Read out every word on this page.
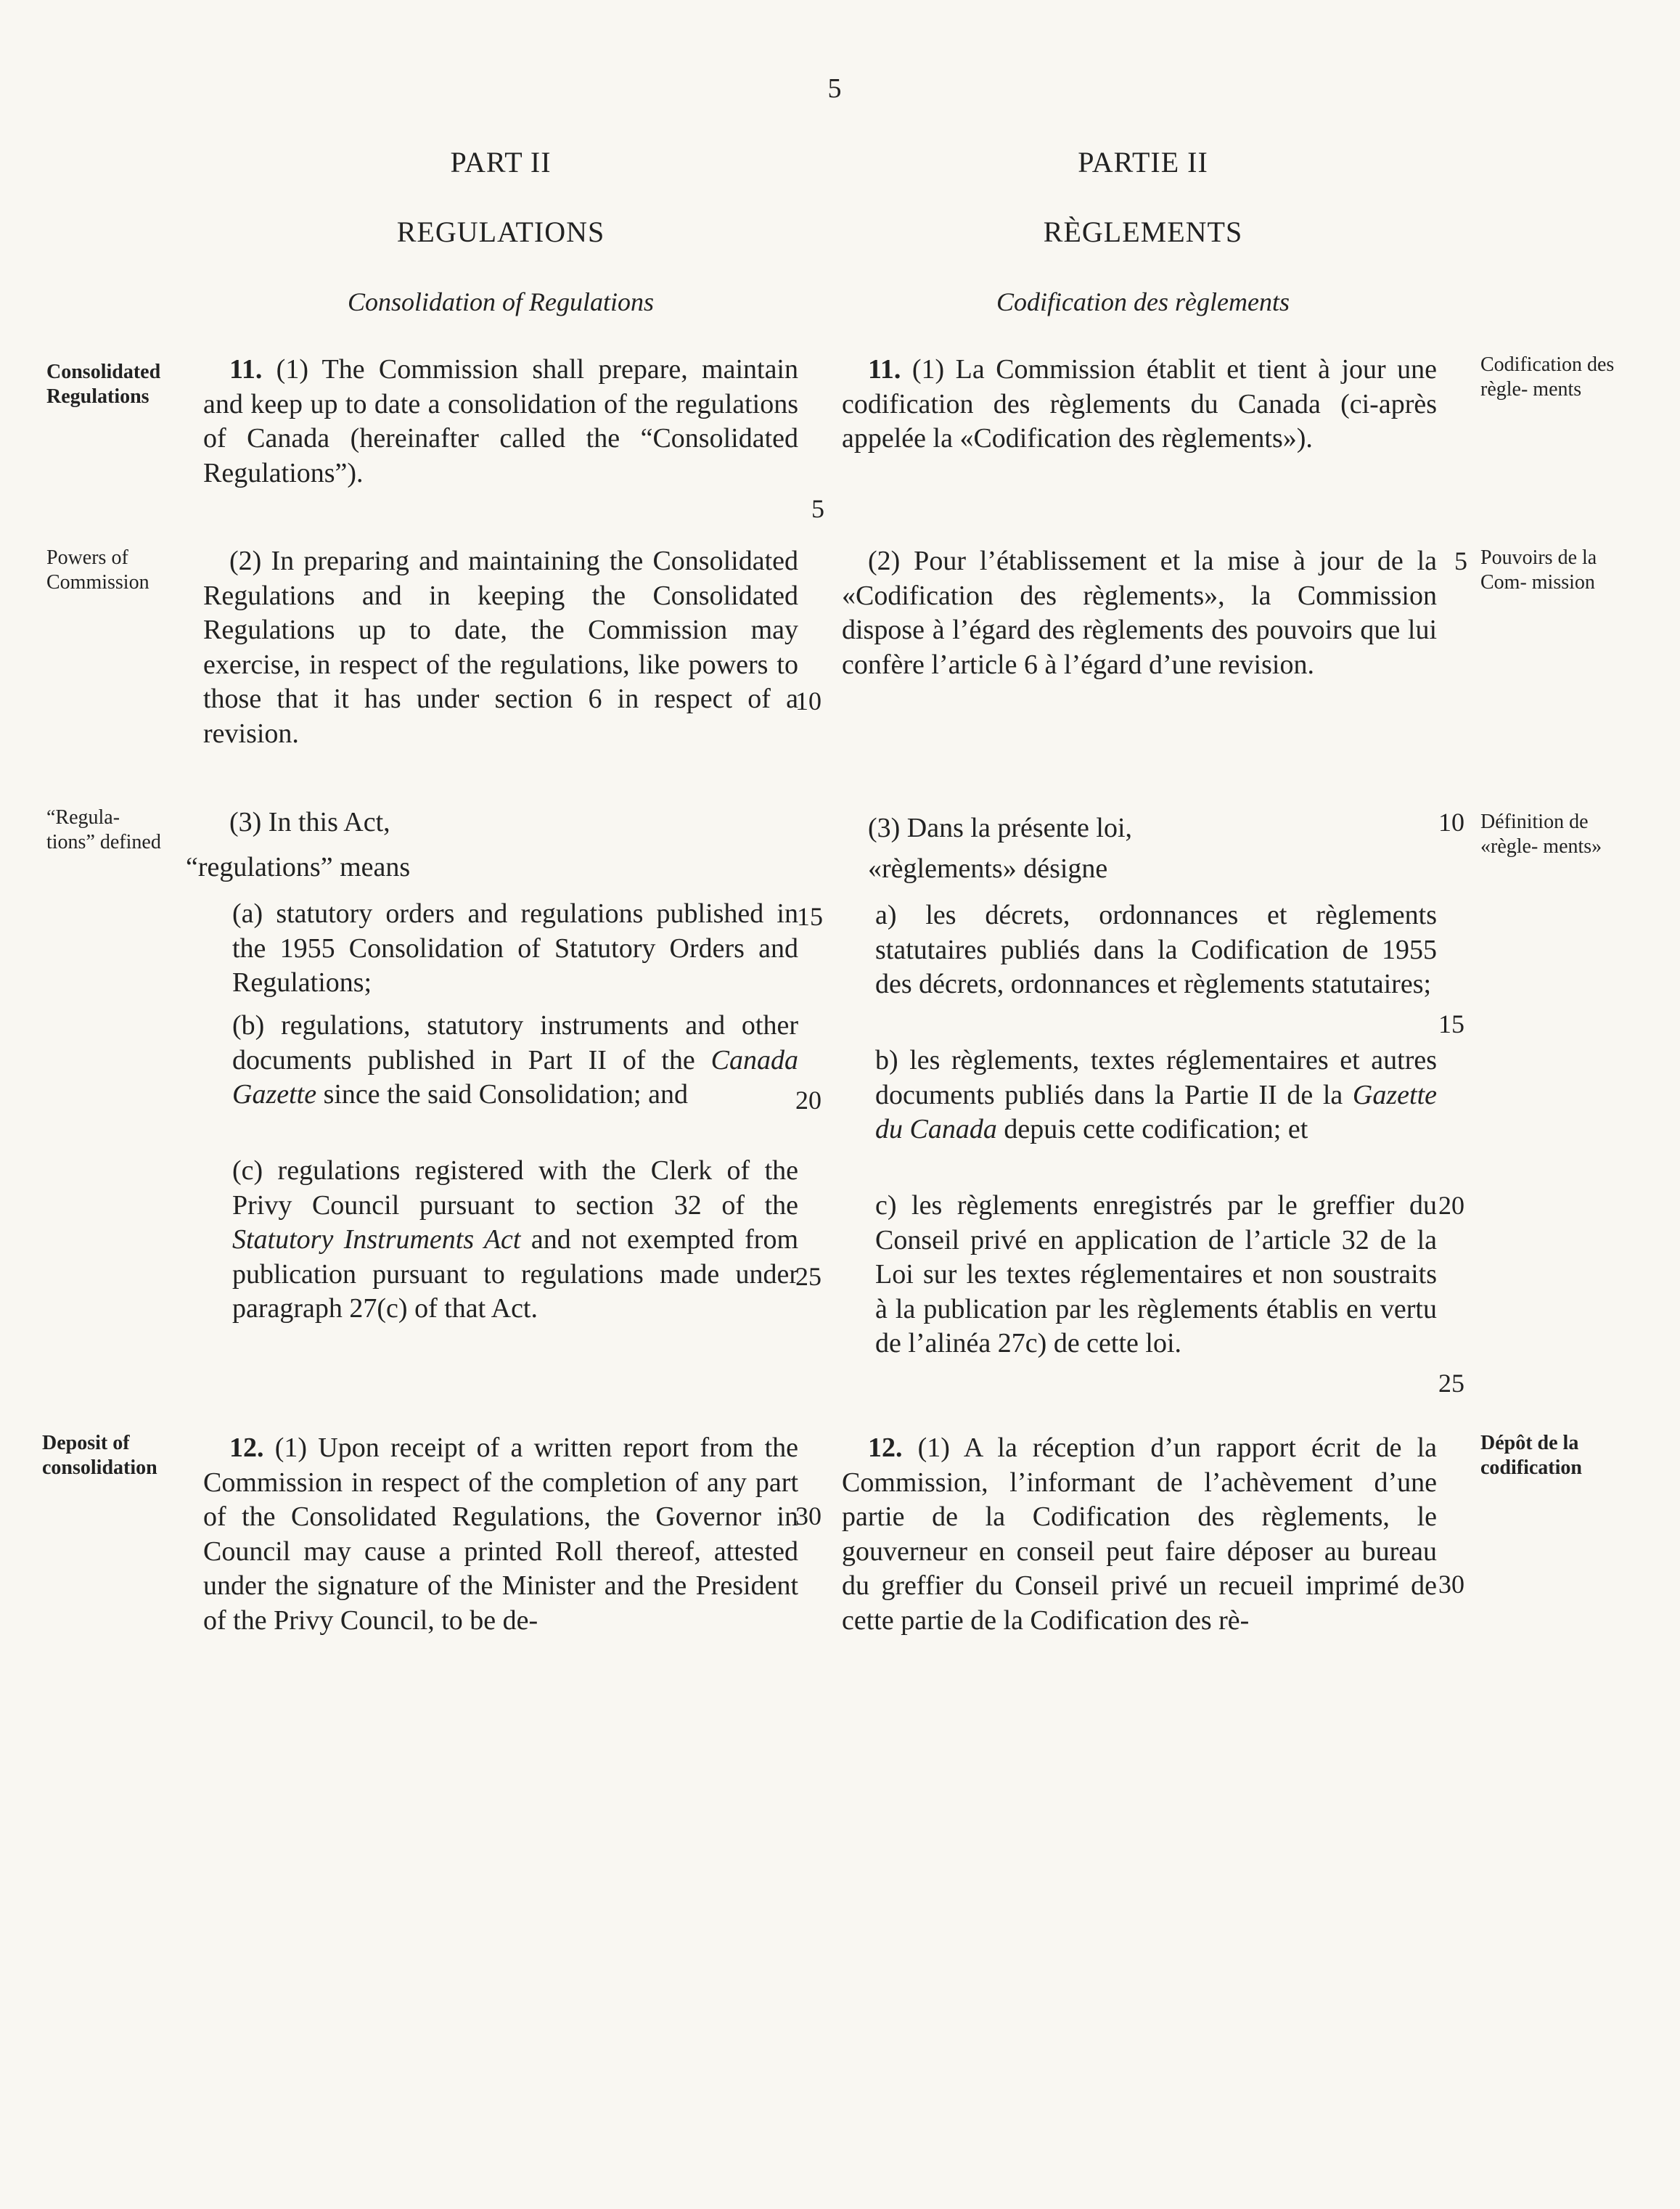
5
PART II
REGULATIONS
Consolidation of Regulations
PARTIE II
RÈGLEMENTS
Codification des règlements
Consolidated Regulations
Powers of Commission
“Regula- tions” defined
Deposit of consolidation

11. (1) The Commission shall prepare, maintain and keep up to date a consolidation of the regulations of Canada (hereinafter called the “Consolidated Regulations”).

(2) In preparing and maintaining the Consolidated Regulations and in keeping the Consolidated Regulations up to date, the Commission may exercise, in respect of the regulations, like powers to those that it has under section 6 in respect of a revision.

(3) In this Act,

“regulations” means

(a) statutory orders and regulations published in the 1955 Consolidation of Statutory Orders and Regulations;

(b) regulations, statutory instruments and other documents published in Part II of the Canada Gazette since the said Consolidation; and

(c) regulations registered with the Clerk of the Privy Council pursuant to section 32 of the Statutory Instruments Act and not exempted from publication pursuant to regulations made under paragraph 27(c) of that Act.

12. (1) Upon receipt of a written report from the Commission in respect of the completion of any part of the Consolidated Regulations, the Governor in Council may cause a printed Roll thereof, attested under the signature of the Minister and the President of the Privy Council, to be de-

5
10
15
20
25
30

11. (1) La Commission établit et tient à jour une codification des règlements du Canada (ci-après appelée la «Codification des règlements»).

(2) Pour l’établissement et la mise à jour de la «Codification des règlements», la Commission dispose à l’égard des règlements des pouvoirs que lui confère l’article 6 à l’égard d’une revision.

(3) Dans la présente loi,

«règlements» désigne

a) les décrets, ordonnances et règlements statutaires publiés dans la Codification de 1955 des décrets, ordonnances et règlements statutaires;

b) les règlements, textes réglementaires et autres documents publiés dans la Partie II de la Gazette du Canada depuis cette codification; et

c) les règlements enregistrés par le greffier du Conseil privé en application de l’article 32 de la Loi sur les textes réglementaires et non soustraits à la publication par les règlements établis en vertu de l’alinéa 27c) de cette loi.

12. (1) A la réception d’un rapport écrit de la Commission, l’informant de l’achèvement d’une partie de la Codification des règlements, le gouverneur en conseil peut faire déposer au bureau du greffier du Conseil privé un recueil imprimé de cette partie de la Codification des rè-

5
10
15
20
25
30
Codification des règle- ments
Pouvoirs de la Com- mission
Définition de «règle- ments»
Dépôt de la codification
